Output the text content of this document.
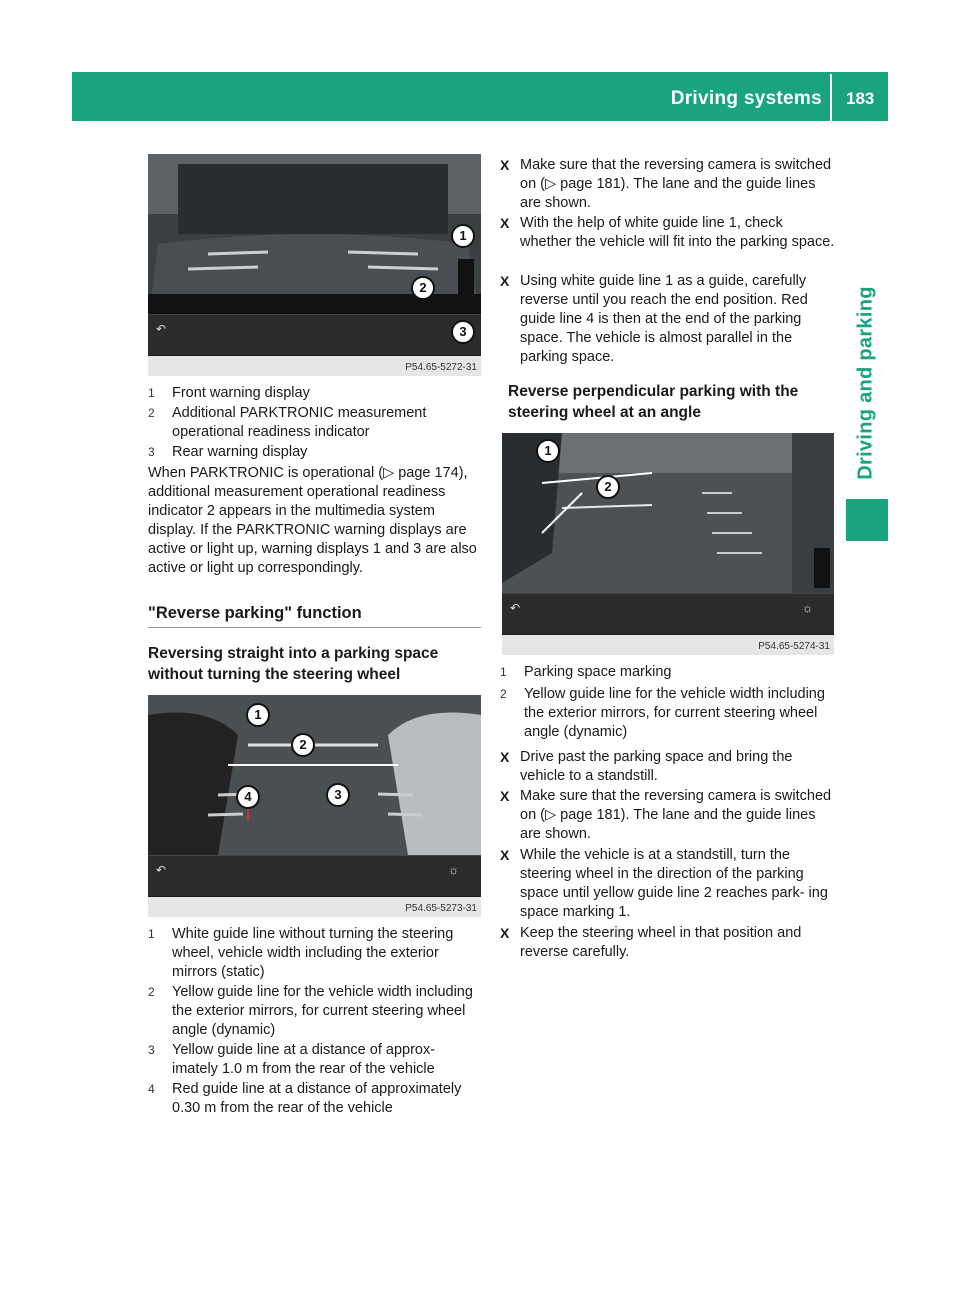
Driving systems 183
Driving and parking
↶
P54.65-5272-31
1
2
3
1	Front warning display
2	Additional PARKTRONIC measurement operational readiness indicator
3	Rear warning display
When PARKTRONIC is operational (▷ page 174), additional measurement operational readiness indicator 2 appears in the multimedia system display. If the PARKTRONIC warning displays are active or light up, warning displays 1 and 3 are also active or light up correspondingly.
"Reverse parking" function
Reversing straight into a parking space
without turning the steering wheel
↶	☼
P54.65-5273-31
1
2
4	3
1	White guide line without turning the steering wheel, vehicle width including the exterior mirrors (static)
2	Yellow guide line for the vehicle width including the exterior mirrors, for current steering wheel angle (dynamic)
3	Yellow guide line at a distance of approx- imately 1.0 m from the rear of the vehicle
4	Red guide line at a distance of approximately 0.30 m from the rear of the vehicle
X Make sure that the reversing camera is switched on (▷ page 181). The lane and the guide lines are shown.
X With the help of white guide line 1, check whether the vehicle will fit into the parking space.
X Using white guide line 1 as a guide, carefully reverse until you reach the end position. Red guide line 4 is then at the end of the parking space. The vehicle is almost parallel in the parking space.
Reverse perpendicular parking with the
steering wheel at an angle
↶	☼
P54.65-5274-31
1
2
1	Parking space marking
2	Yellow guide line for the vehicle width including the exterior mirrors, for current steering wheel angle (dynamic)
X Drive past the parking space and bring the vehicle to a standstill.
X Make sure that the reversing camera is switched on (▷ page 181). The lane and the guide lines are shown.
X While the vehicle is at a standstill, turn the steering wheel in the direction of the parking space until yellow guide line 2 reaches park- ing space marking 1.
X Keep the steering wheel in that position and reverse carefully.
